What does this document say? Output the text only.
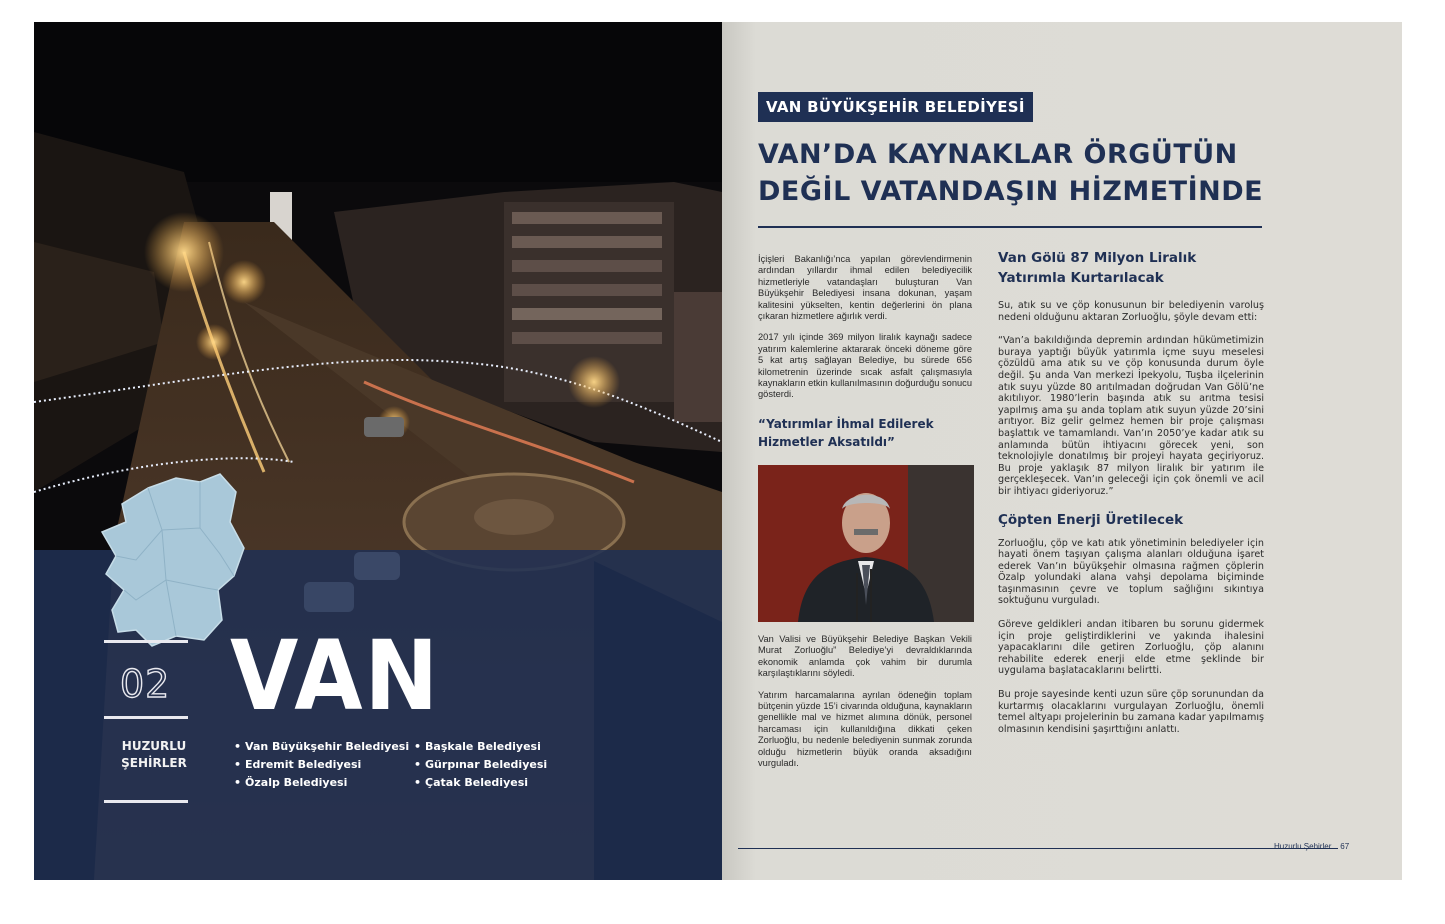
02 VAN
HUZURLU ŞEHİRLER
• Van Büyükşehir Belediyesi
• Edremit Belediyesi
• Özalp Belediyesi
• Başkale Belediyesi
• Gürpınar Belediyesi
• Çatak Belediyesi
VAN BÜYÜKŞEHİR BELEDİYESİ
VAN’DA KAYNAKLAR ÖRGÜTÜN
DEĞİL VATANDAŞIN HİZMETİNDE

İçişleri Bakanlığı’nca yapılan görevlendirmenin ardından yıllardır ihmal edilen belediyecilik hizmetleriyle vatandaşları buluşturan Van Büyükşehir Belediyesi insana dokunan, yaşam kalitesini yükselten, kentin değerlerini ön plana çıkaran hizmetlere ağırlık verdi.

2017 yılı içinde 369 milyon liralık kaynağı sadece yatırım kalemlerine aktararak önceki döneme göre 5 kat artış sağlayan Belediye, bu sürede 656 kilometrenin üzerinde sıcak asfalt çalışmasıyla kaynakların etkin kullanılmasının doğurduğu sonucu gösterdi.

“Yatırımlar İhmal Edilerek Hizmetler Aksatıldı”

Van Valisi ve Büyükşehir Belediye Başkan Vekili Murat Zorluoğlu” Belediye’yi devraldıklarında ekonomik anlamda çok vahim bir durumla karşılaştıklarını söyledi.

Yatırım harcamalarına ayrılan ödeneğin toplam bütçenin yüzde 15’i civarında olduğuna, kaynakların genellikle mal ve hizmet alımına dönük, personel harcaması için kullanıldığına dikkati çeken Zorluoğlu, bu nedenle belediyenin sunmak zorunda olduğu hizmetlerin büyük oranda aksadığını vurguladı.

Van Gölü 87 Milyon Liralık Yatırımla Kurtarılacak

Su, atık su ve çöp konusunun bir belediyenin varoluş nedeni olduğunu aktaran Zorluoğlu, şöyle devam etti:

“Van’a bakıldığında depremin ardından hükümetimizin buraya yaptığı büyük yatırımla içme suyu meselesi çözüldü ama atık su ve çöp konusunda durum öyle değil. Şu anda Van merkezi İpekyolu, Tuşba ilçelerinin atık suyu yüzde 80 arıtılmadan doğrudan Van Gölü’ne akıtılıyor. 1980’lerin başında atık su arıtma tesisi yapılmış ama şu anda toplam atık suyun yüzde 20’sini arıtıyor. Biz gelir gelmez hemen bir proje çalışması başlattık ve tamamlandı. Van’ın 2050’ye kadar atık su anlamında bütün ihtiyacını görecek yeni, son teknolojiyle donatılmış bir projeyi hayata geçiriyoruz. Bu proje yaklaşık 87 milyon liralık bir yatırım ile gerçekleşecek. Van’ın geleceği için çok önemli ve acil bir ihtiyacı gideriyoruz.”

Çöpten Enerji Üretilecek

Zorluoğlu, çöp ve katı atık yönetiminin belediyeler için hayati önem taşıyan çalışma alanları olduğuna işaret ederek Van’ın büyükşehir olmasına rağmen çöplerin Özalp yolundaki alana vahşi depolama biçiminde taşınmasının çevre ve toplum sağlığını sıkıntıya soktuğunu vurguladı.

Göreve geldikleri andan itibaren bu sorunu gidermek için proje geliştirdiklerini ve yakında ihalesini yapacaklarını dile getiren Zorluoğlu, çöp alanını rehabilite ederek enerji elde etme şeklinde bir uygulama başlatacaklarını belirtti.

Bu proje sayesinde kenti uzun süre çöp sorunundan da kurtarmış olacaklarını vurgulayan Zorluoğlu, önemli temel altyapı projelerinin bu zamana kadar yapılmamış olmasının kendisini şaşırttığını anlattı.

Huzurlu Şehirler    67
